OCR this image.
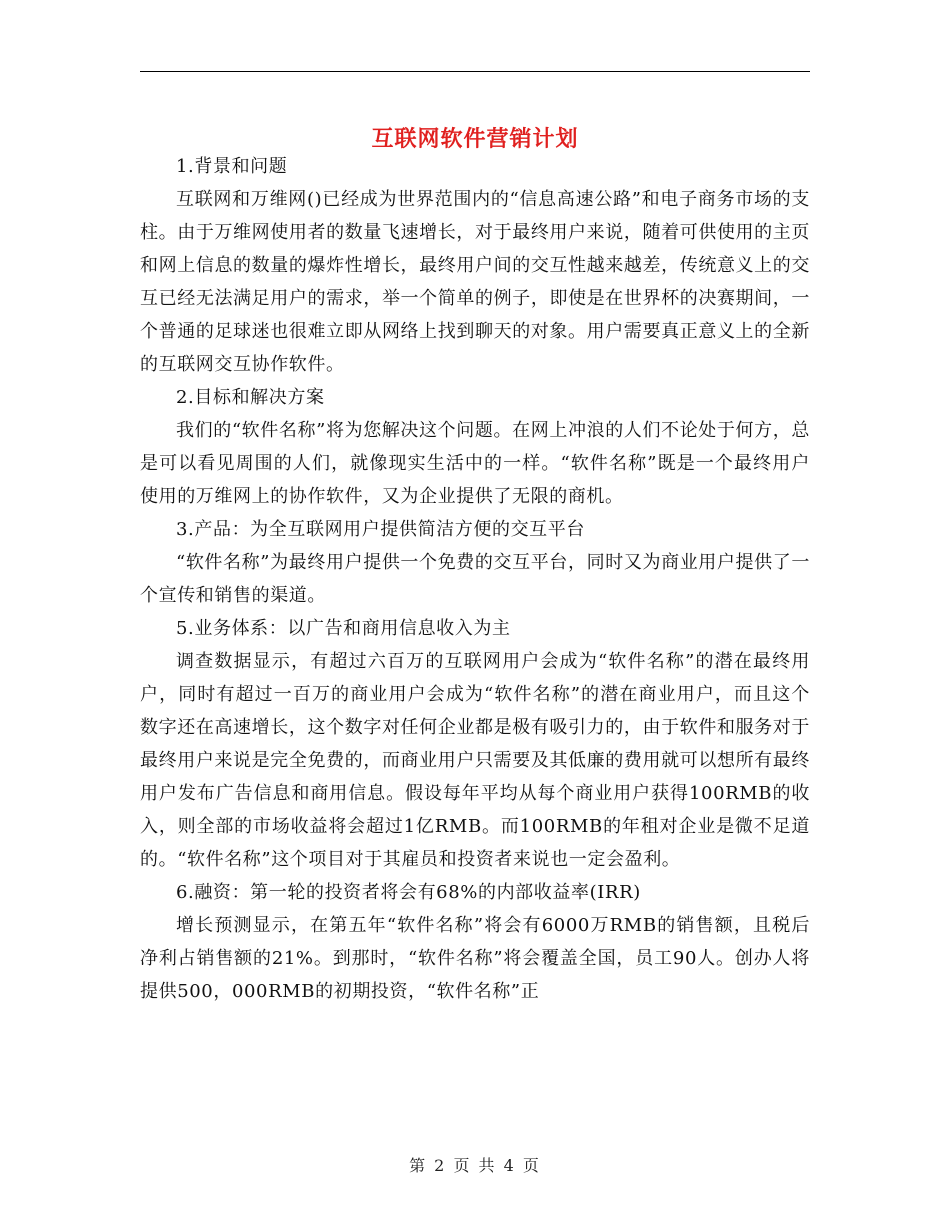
互联网软件营销计划

1.背景和问题

互联网和万维网()已经成为世界范围内的“信息高速公路”和电子商务市场的支柱。由于万维网使用者的数量飞速增长，对于最终用户来说，随着可供使用的主页和网上信息的数量的爆炸性增长，最终用户间的交互性越来越差，传统意义上的交互已经无法满足用户的需求，举一个简单的例子，即使是在世界杯的决赛期间，一个普通的足球迷也很难立即从网络上找到聊天的对象。用户需要真正意义上的全新的互联网交互协作软件。

2.目标和解决方案

我们的“软件名称”将为您解决这个问题。在网上冲浪的人们不论处于何方，总是可以看见周围的人们，就像现实生活中的一样。“软件名称”既是一个最终用户使用的万维网上的协作软件，又为企业提供了无限的商机。

3.产品：为全互联网用户提供简洁方便的交互平台

“软件名称”为最终用户提供一个免费的交互平台，同时又为商业用户提供了一个宣传和销售的渠道。

5.业务体系：以广告和商用信息收入为主

调查数据显示，有超过六百万的互联网用户会成为“软件名称”的潜在最终用户，同时有超过一百万的商业用户会成为“软件名称”的潜在商业用户，而且这个数字还在高速增长，这个数字对任何企业都是极有吸引力的，由于软件和服务对于最终用户来说是完全免费的，而商业用户只需要及其低廉的费用就可以想所有最终用户发布广告信息和商用信息。假设每年平均从每个商业用户获得100RMB的收入，则全部的市场收益将会超过1亿RMB。而100RMB的年租对企业是微不足道的。“软件名称”这个项目对于其雇员和投资者来说也一定会盈利。

6.融资：第一轮的投资者将会有68%的内部收益率(IRR)

增长预测显示，在第五年“软件名称”将会有6000万RMB的销售额，且税后净利占销售额的21%。到那时，“软件名称”将会覆盖全国，员工90人。创办人将提供500，000RMB的初期投资，“软件名称”正

第 2 页 共 4 页
